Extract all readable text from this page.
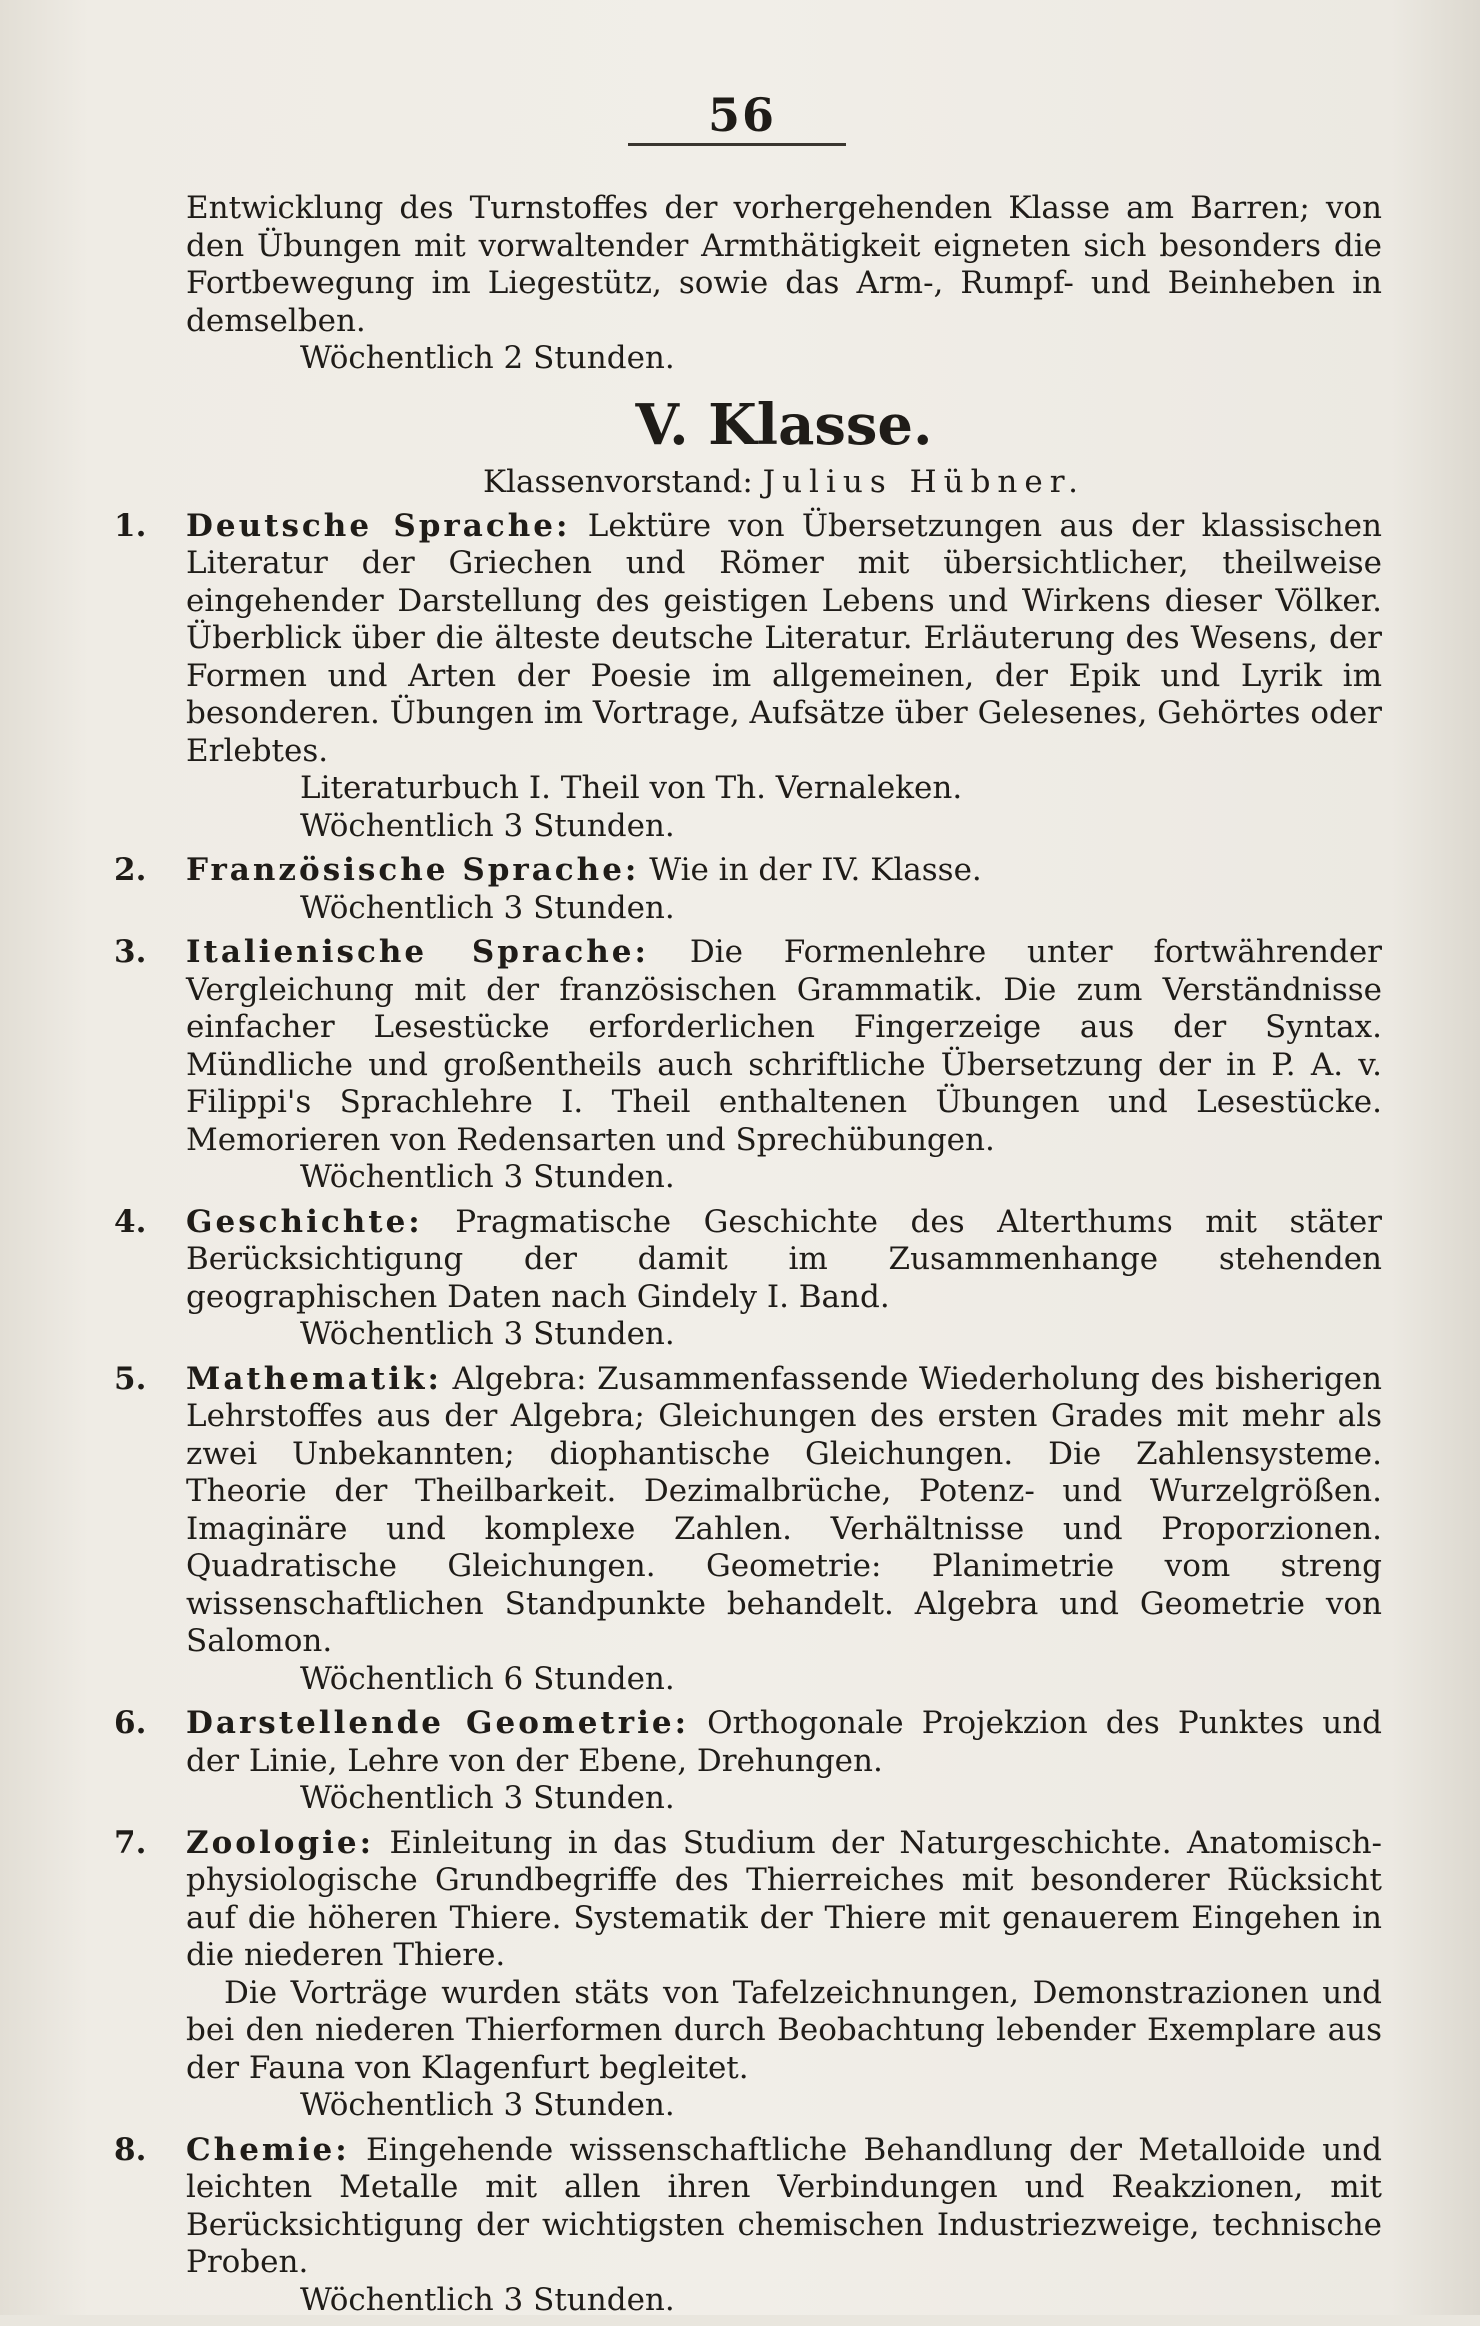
56

Entwicklung des Turnstoffes der vorhergehenden Klasse am Barren; von den Übungen mit vorwaltender Armthätigkeit eigneten sich besonders die Fortbewegung im Liegestütz, sowie das Arm-, Rumpf- und Beinheben in demselben.

Wöchentlich 2 Stunden.

V. Klasse.
Klassenvorstand: Julius Hübner.
1. Deutsche Sprache: Lektüre von Übersetzungen aus der klassischen Literatur der Griechen und Römer mit übersichtlicher, theilweise eingehender Darstellung des geistigen Lebens und Wirkens dieser Völker. Überblick über die älteste deutsche Literatur. Erläuterung des Wesens, der Formen und Arten der Poesie im allgemeinen, der Epik und Lyrik im besonderen. Übungen im Vortrage, Aufsätze über Gelesenes, Gehörtes oder Erlebtes.

Literaturbuch I. Theil von Th. Vernaleken.

Wöchentlich 3 Stunden.

2. Französische Sprache: Wie in der IV. Klasse.

Wöchentlich 3 Stunden.

3. Italienische Sprache: Die Formenlehre unter fortwährender Vergleichung mit der französischen Grammatik. Die zum Verständnisse einfacher Lesestücke erforderlichen Fingerzeige aus der Syntax. Mündliche und großentheils auch schriftliche Übersetzung der in P. A. v. Filippi's Sprachlehre I. Theil enthaltenen Übungen und Lesestücke. Memorieren von Redensarten und Sprechübungen.

Wöchentlich 3 Stunden.

4. Geschichte: Pragmatische Geschichte des Alterthums mit stäter Berücksichtigung der damit im Zusammenhange stehenden geographischen Daten nach Gindely I. Band.

Wöchentlich 3 Stunden.

5. Mathematik: Algebra: Zusammenfassende Wiederholung des bisherigen Lehrstoffes aus der Algebra; Gleichungen des ersten Grades mit mehr als zwei Unbekannten; diophantische Gleichungen. Die Zahlensysteme. Theorie der Theilbarkeit. Dezimalbrüche, Potenz- und Wurzelgrößen. Imaginäre und komplexe Zahlen. Verhältnisse und Proporzionen. Quadratische Gleichungen. Geometrie: Planimetrie vom streng wissenschaftlichen Standpunkte behandelt. Algebra und Geometrie von Salomon.

Wöchentlich 6 Stunden.

6. Darstellende Geometrie: Orthogonale Projekzion des Punktes und der Linie, Lehre von der Ebene, Drehungen.

Wöchentlich 3 Stunden.

7. Zoologie: Einleitung in das Studium der Naturgeschichte. Anatomisch-physiologische Grundbegriffe des Thierreiches mit besonderer Rücksicht auf die höheren Thiere. Systematik der Thiere mit genauerem Eingehen in die niederen Thiere.

Die Vorträge wurden stäts von Tafelzeichnungen, Demonstrazionen und bei den niederen Thierformen durch Beobachtung lebender Exemplare aus der Fauna von Klagenfurt begleitet.

Wöchentlich 3 Stunden.

8. Chemie: Eingehende wissenschaftliche Behandlung der Metalloide und leichten Metalle mit allen ihren Verbindungen und Reakzionen, mit Berücksichtigung der wichtigsten chemischen Industriezweige, technische Proben.

Wöchentlich 3 Stunden.
